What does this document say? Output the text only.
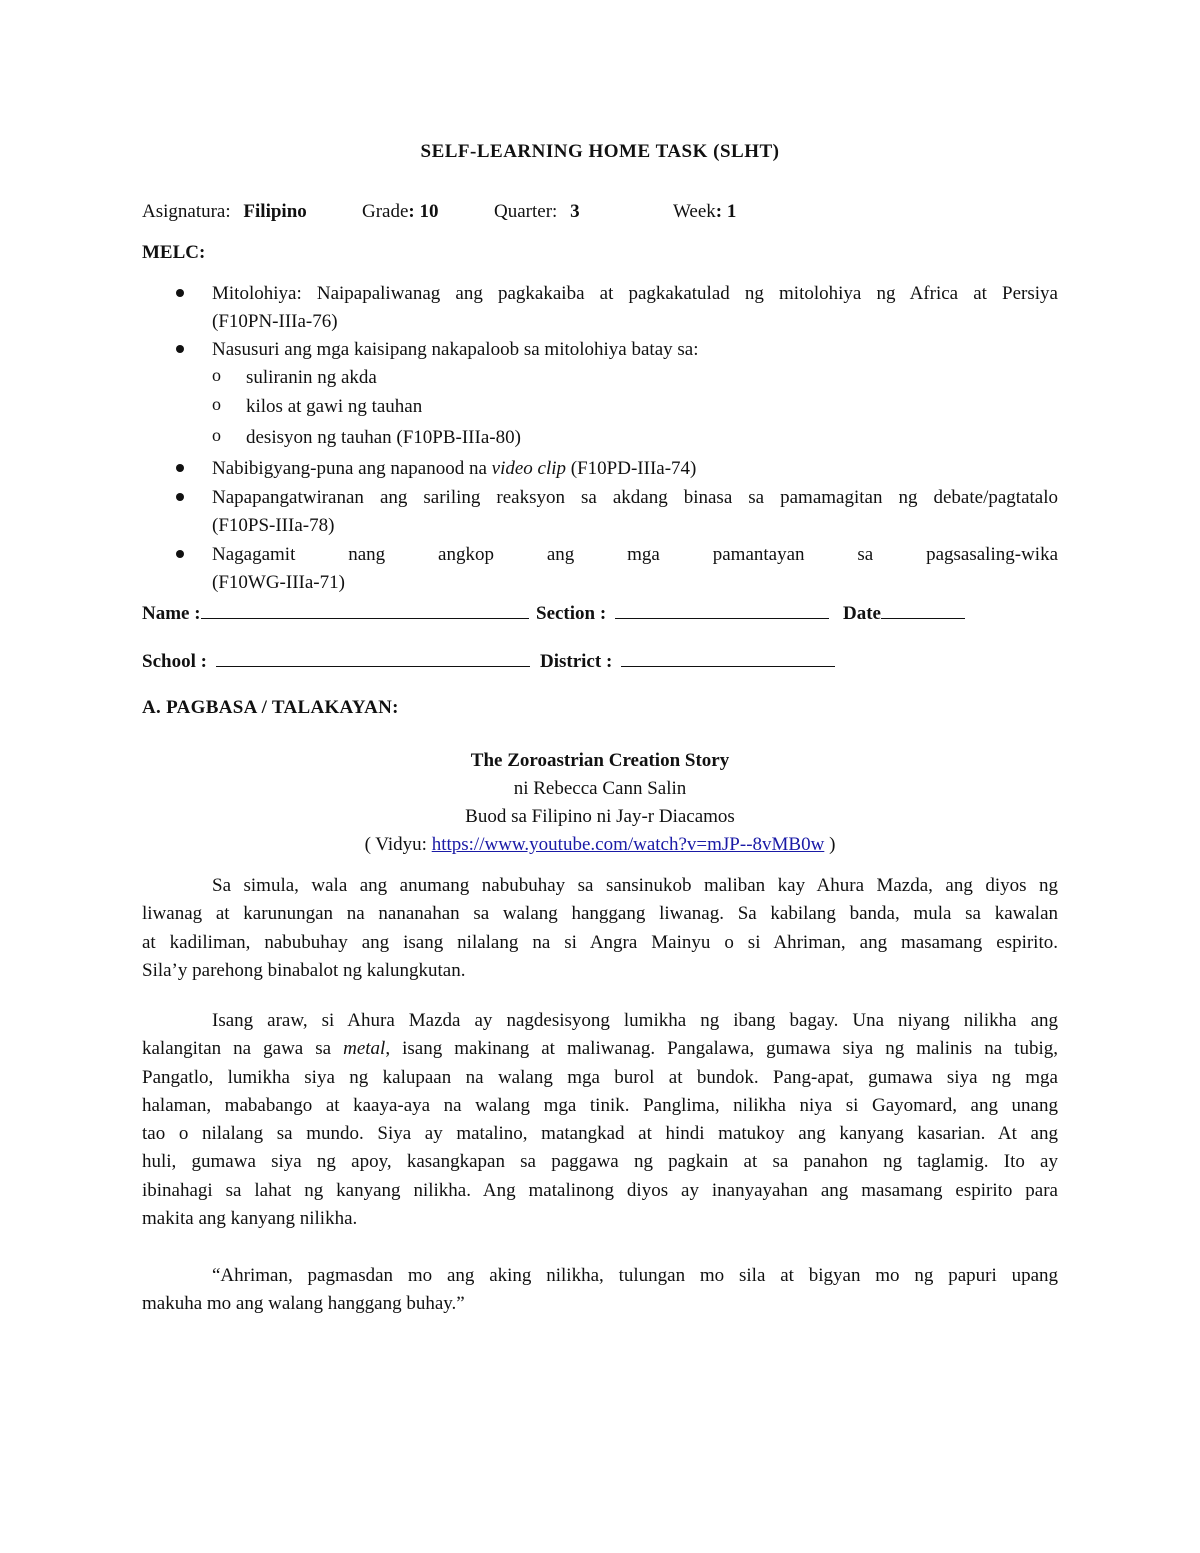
SELF-LEARNING HOME TASK (SLHT)
Asignatura: Filipino	Grade: 10	Quarter: 3	Week: 1
MELC:
Mitolohiya: Naipapaliwanag ang pagkakaiba at pagkakatulad ng mitolohiya ng Africa at Persiya
(F10PN-IIIa-76)
Nasusuri ang mga kaisipang nakapaloob sa mitolohiya batay sa:
o suliranin ng akda
o kilos at gawi ng tauhan
o desisyon ng tauhan (F10PB-IIIa-80)
Nabibigyang-puna ang napanood na video clip (F10PD-IIIa-74)
Napapangatwiranan ang sariling reaksyon sa akdang binasa sa pamamagitan ng debate/pagtatalo
(F10PS-IIIa-78)
Nagagamit nang angkop ang mga pamantayan sa pagsasaling-wika
(F10WG-IIIa-71)
Name :	Section :	Date
School :	District :
A. PAGBASA / TALAKAYAN:
The Zoroastrian Creation Story
ni Rebecca Cann Salin
Buod sa Filipino ni Jay-r Diacamos
( Vidyu: https://www.youtube.com/watch?v=mJP--8vMB0w )
Sa simula, wala ang anumang nabubuhay sa sansinukob maliban kay Ahura Mazda, ang diyos ng
liwanag at karunungan na nananahan sa walang hanggang liwanag. Sa kabilang banda, mula sa kawalan
at kadiliman, nabubuhay ang isang nilalang na si Angra Mainyu o si Ahriman, ang masamang espirito.
Sila’y parehong binabalot ng kalungkutan.
Isang araw, si Ahura Mazda ay nagdesisyong lumikha ng ibang bagay. Una niyang nilikha ang
kalangitan na gawa sa metal, isang makinang at maliwanag. Pangalawa, gumawa siya ng malinis na tubig,
Pangatlo, lumikha siya ng kalupaan na walang mga burol at bundok. Pang-apat, gumawa siya ng mga
halaman, mababango at kaaya-aya na walang mga tinik. Panglima, nilikha niya si Gayomard, ang unang
tao o nilalang sa mundo. Siya ay matalino, matangkad at hindi matukoy ang kanyang kasarian. At ang
huli, gumawa siya ng apoy, kasangkapan sa paggawa ng pagkain at sa panahon ng taglamig. Ito ay
ibinahagi sa lahat ng kanyang nilikha. Ang matalinong diyos ay inanyayahan ang masamang espirito para
makita ang kanyang nilikha.
“Ahriman, pagmasdan mo ang aking nilikha, tulungan mo sila at bigyan mo ng papuri upang
makuha mo ang walang hanggang buhay.”
